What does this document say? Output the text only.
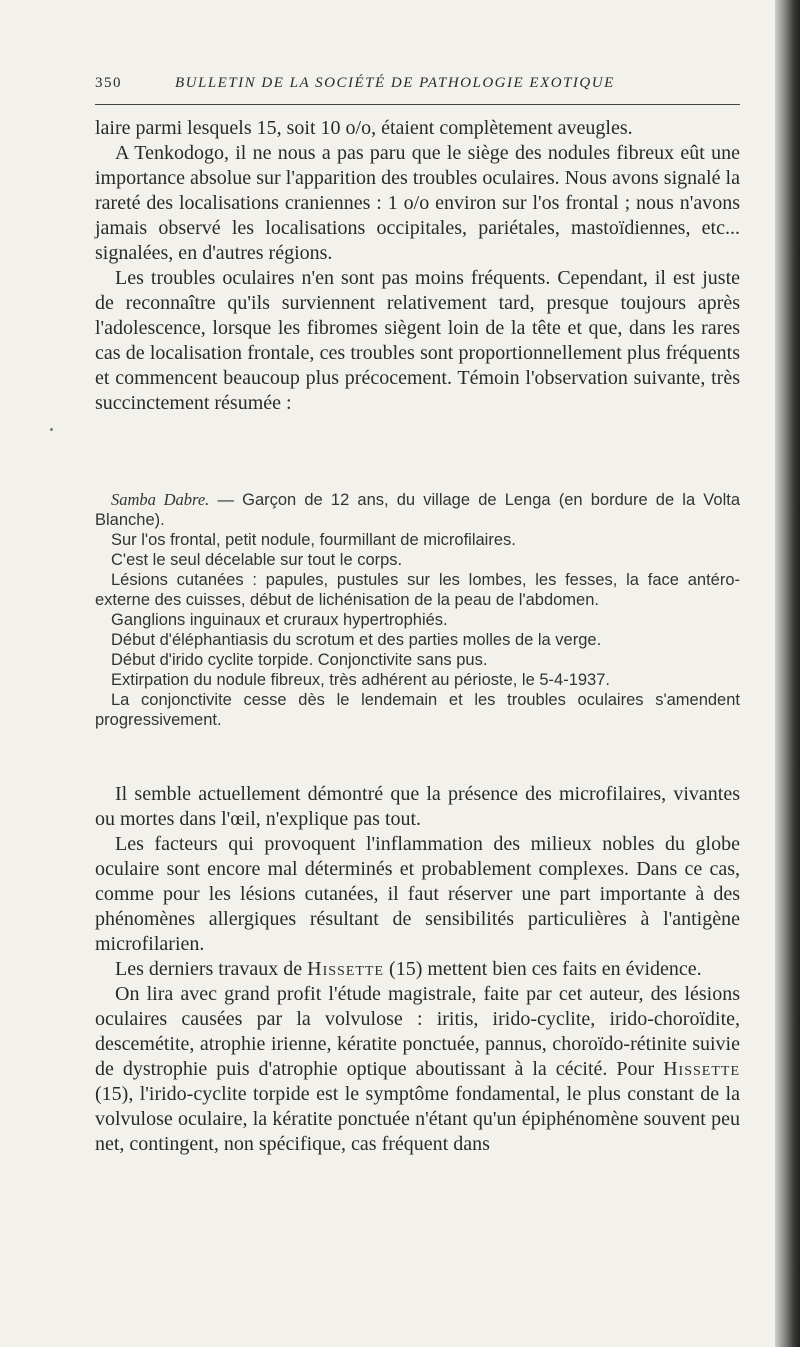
350	BULLETIN DE LA SOCIÉTÉ DE PATHOLOGIE EXOTIQUE

laire parmi lesquels 15, soit 10 o/o, étaient complètement aveugles.

A Tenkodogo, il ne nous a pas paru que le siège des nodules fibreux eût une importance absolue sur l'apparition des troubles oculaires. Nous avons signalé la rareté des localisations craniennes : 1 o/o environ sur l'os frontal ; nous n'avons jamais observé les localisations occipitales, pariétales, mastoïdiennes, etc... signalées, en d'autres régions.

Les troubles oculaires n'en sont pas moins fréquents. Cependant, il est juste de reconnaître qu'ils surviennent relativement tard, presque toujours après l'adolescence, lorsque les fibromes siègent loin de la tête et que, dans les rares cas de localisation frontale, ces troubles sont proportionnellement plus fréquents et commencent beaucoup plus précocement. Témoin l'observation suivante, très succinctement résumée :

Samba Dabre. — Garçon de 12 ans, du village de Lenga (en bordure de la Volta Blanche).

Sur l'os frontal, petit nodule, fourmillant de microfilaires.

C'est le seul décelable sur tout le corps.

Lésions cutanées : papules, pustules sur les lombes, les fesses, la face antéro-externe des cuisses, début de lichénisation de la peau de l'abdomen.

Ganglions inguinaux et cruraux hypertrophiés.

Début d'éléphantiasis du scrotum et des parties molles de la verge.

Début d'irido cyclite torpide. Conjonctivite sans pus.

Extirpation du nodule fibreux, très adhérent au périoste, le 5-4-1937.

La conjonctivite cesse dès le lendemain et les troubles oculaires s'amendent progressivement.

Il semble actuellement démontré que la présence des microfilaires, vivantes ou mortes dans l'œil, n'explique pas tout.

Les facteurs qui provoquent l'inflammation des milieux nobles du globe oculaire sont encore mal déterminés et probablement complexes. Dans ce cas, comme pour les lésions cutanées, il faut réserver une part importante à des phénomènes allergiques résultant de sensibilités particulières à l'antigène microfilarien.

Les derniers travaux de Hissette (15) mettent bien ces faits en évidence.

On lira avec grand profit l'étude magistrale, faite par cet auteur, des lésions oculaires causées par la volvulose : iritis, irido-cyclite, irido-choroïdite, descemétite, atrophie irienne, kératite ponctuée, pannus, choroïdo-rétinite suivie de dystrophie puis d'atrophie optique aboutissant à la cécité. Pour Hissette (15), l'irido-cyclite torpide est le symptôme fondamental, le plus constant de la volvulose oculaire, la kératite ponctuée n'étant qu'un épiphénomène souvent peu net, contingent, non spécifique, cas fréquent dans
